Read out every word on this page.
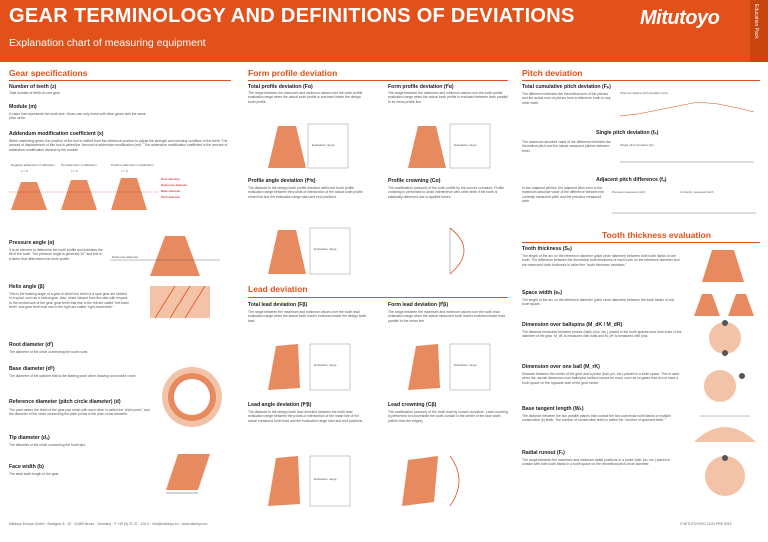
GEAR TERMINOLOGY AND DEFINITIONS OF DEVIATIONS
Explanation chart of measuring equipment
Mitutoyo	Education Pack
Gear specifications
Number of teeth (z)
Total number of teeth on one gear
Module (m)
A value that represents the tooth size. Gears can only mesh with other gears with the same pitch circle.
Addendum modification coefficient (x)
When machining gears, the position of the tool is shifted from the reference position to adjust the strength and meshing condition of the teeth. The amount of displacement of this tool is called the "amount of addendum modification (xm)." The addendum modification coefficient is the amount of addendum modification divided by the module.
Negative addendum modification No addendum modification	Positive addendum modification
x < 0	x = 0	x > 0
Root diameter
Reference diameter
Base diameter
Pitch diameter
Pressure angle (α)
It is an element to determine the tooth profile and indicates the tilt of the tooth. The pressure angle is generally 20° and this is a factor that determines the tooth profile.	Reference diameter
Helix angle (β)
This is the twisting angle of a gear in which the teeth of a spur gear are twisted in a spiral, such as a helical gear. Also, when viewed from the side with respect to the central axis of the gear, gear teeth that rise to the left are called "left-hand teeth" and gear teeth that rise to the right are called "right-hand teeth."
Root diameter (dᶠ)
The diameter of the circle connecting the tooth roots.
Base diameter (dᵇ)
The diameter of the cylinder that is the starting point when drawing an involute curve.
Reference diameter (pitch circle diameter) (d)
The point where the teeth of the gear pair mesh with each other is called the "pitch point," and the diameter of the circle connecting the pitch points is the pitch circle diameter.
Tip diameter (dₐ)
The diameter of the circle connecting the tooth tips.
Face width (b)
The axial tooth length of the gear.
Form profile deviation
Total profile deviation (Fα)
The range between the maximum and minimum values over the tooth profile evaluation range when the actual tooth profile is enclosed inside the design tooth profile.
Evaluation range
Form profile deviation (fᶠα)
The range between the maximum and minimum values over the tooth profile evaluation range when the actual tooth profile is enclosed between lines parallel to its mean profile line.
Evaluation range
Profile angle deviation (fᴴα)
The distance in the design tooth profile direction within the tooth profile evaluation range between the points of intersection of the actual tooth profile mean line and the evaluation range start and end positions.
Evaluation range
Profile crowning (Cα)
The modification (amount) of the tooth profile by the convex curvature. Profile crowning is performed to avoid interference with other teeth if the tooth is elastically deformed due to applied forces.
Lead deviation
Total lead deviation (Fβ)
The range between the maximum and minimum values over the tooth lead evaluation range when the actual tooth lead is enclosed inside the design tooth lead.
Evaluation range
Form lead deviation (fᶠβ)
The range between the maximum and minimum values over the tooth lead evaluation range when the actual measured tooth lead is enclosed inside lines parallel to the mean line.
Evaluation range
Lead angle deviation (fᴴβ)
The distance in the design tooth lead direction between the tooth lead evaluation range between the points of intersection of the mean line of the actual measured tooth lead and the evaluation range start and end positions.
Evaluation range
Lead crowning (Cβ)
The modification (amount) of the tooth lead by convex curvature. Lead crowning is performed to concentrate the tooth contact in the center of the face width (rather than the edges).
Pitch deviation
Total cumulative pitch deviation (Fₚ)
The difference between the theoretical sum of the pitches and the actual sum of pitches from a reference tooth to any other tooth.
Total cumulative pitch deviation (Fp)
Single pitch deviation (fₚ)
The maximum absolute value of the difference between the theoretical pitch and the actual measured pitches between teeth.
Single pitch deviation (fp)
Adjacent pitch difference (fᵤ)
In two adjacent pitches, the adjacent pitch error is the maximum absolute value of the difference between the currently measured pitch and the previous measured pitch.
Previous measured pitch	Currently measured pitch
Tooth thickness evaluation
Tooth thickness (Sₙ)
The length of the arc on the reference diameter (pitch circle diameter) between both tooth flanks of one tooth. The difference between the theoretical tooth thickness of each tooth on the reference diameter and the measured tooth thickness is called the "tooth thickness deviation."
Space width (eₙ)
The length of the arc on the reference diameter (pitch circle diameter) between the tooth flanks of one tooth space.
Dimension over ballspins (M_dK / M_dR)
The distance measured between probes (balls, pins, etc.) placed in the tooth spaces near both ends of the diameter of the gear. M_dK is measured with balls and M_dR is measured with pins.
Dimension over one ball (M_rK)
Distance between the center of the gear and a probe (ball, pin, etc.) placed in a tooth space. This is used when the normal dimension over balls/pins method cannot be used, such as on gears that do not have a tooth space on the opposite side of the gear center.
Base tangent length (Wₖ)
The distance between the two parallel planes that contact the two outermost tooth flanks of multiple consecutive (k) teeth. The number of consecutive teeth is called the "number of spanned teeth."
Radial runout (Fᵣ)
The range between the maximum and minimum radial positions of a probe (ball, pin, etc.) placed in contact with both tooth flanks in a tooth space on the theoretical pitch circle diameter.
Mitutoyo Europe GmbH · Borsigstr. 8 - 10 · 41469 Neuss · Germany · P +49 (0) 21 37 - 102-0 · info@mitutoyo.eu · www.mitutoyo.eu	© MITUTOYO/IO 11/23 PRE 9013
